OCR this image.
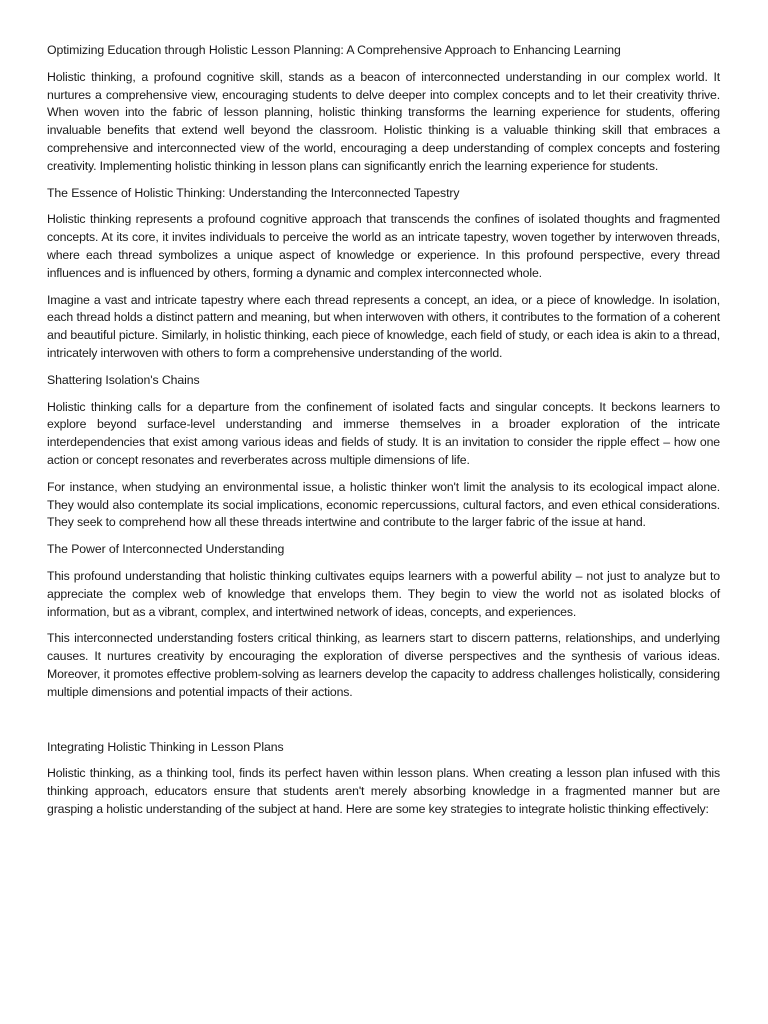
Optimizing Education through Holistic Lesson Planning: A Comprehensive Approach to Enhancing Learning
Holistic thinking, a profound cognitive skill, stands as a beacon of interconnected understanding in our complex world. It nurtures a comprehensive view, encouraging students to delve deeper into complex concepts and to let their creativity thrive. When woven into the fabric of lesson planning, holistic thinking transforms the learning experience for students, offering invaluable benefits that extend well beyond the classroom. Holistic thinking is a valuable thinking skill that embraces a comprehensive and interconnected view of the world, encouraging a deep understanding of complex concepts and fostering creativity. Implementing holistic thinking in lesson plans can significantly enrich the learning experience for students.
The Essence of Holistic Thinking: Understanding the Interconnected Tapestry
Holistic thinking represents a profound cognitive approach that transcends the confines of isolated thoughts and fragmented concepts. At its core, it invites individuals to perceive the world as an intricate tapestry, woven together by interwoven threads, where each thread symbolizes a unique aspect of knowledge or experience. In this profound perspective, every thread influences and is influenced by others, forming a dynamic and complex interconnected whole.
Imagine a vast and intricate tapestry where each thread represents a concept, an idea, or a piece of knowledge. In isolation, each thread holds a distinct pattern and meaning, but when interwoven with others, it contributes to the formation of a coherent and beautiful picture. Similarly, in holistic thinking, each piece of knowledge, each field of study, or each idea is akin to a thread, intricately interwoven with others to form a comprehensive understanding of the world.
Shattering Isolation's Chains
Holistic thinking calls for a departure from the confinement of isolated facts and singular concepts. It beckons learners to explore beyond surface-level understanding and immerse themselves in a broader exploration of the intricate interdependencies that exist among various ideas and fields of study. It is an invitation to consider the ripple effect – how one action or concept resonates and reverberates across multiple dimensions of life.
For instance, when studying an environmental issue, a holistic thinker won't limit the analysis to its ecological impact alone. They would also contemplate its social implications, economic repercussions, cultural factors, and even ethical considerations. They seek to comprehend how all these threads intertwine and contribute to the larger fabric of the issue at hand.
The Power of Interconnected Understanding
This profound understanding that holistic thinking cultivates equips learners with a powerful ability – not just to analyze but to appreciate the complex web of knowledge that envelops them. They begin to view the world not as isolated blocks of information, but as a vibrant, complex, and intertwined network of ideas, concepts, and experiences.
This interconnected understanding fosters critical thinking, as learners start to discern patterns, relationships, and underlying causes. It nurtures creativity by encouraging the exploration of diverse perspectives and the synthesis of various ideas. Moreover, it promotes effective problem-solving as learners develop the capacity to address challenges holistically, considering multiple dimensions and potential impacts of their actions.
Integrating Holistic Thinking in Lesson Plans
Holistic thinking, as a thinking tool, finds its perfect haven within lesson plans. When creating a lesson plan infused with this thinking approach, educators ensure that students aren't merely absorbing knowledge in a fragmented manner but are grasping a holistic understanding of the subject at hand. Here are some key strategies to integrate holistic thinking effectively:
